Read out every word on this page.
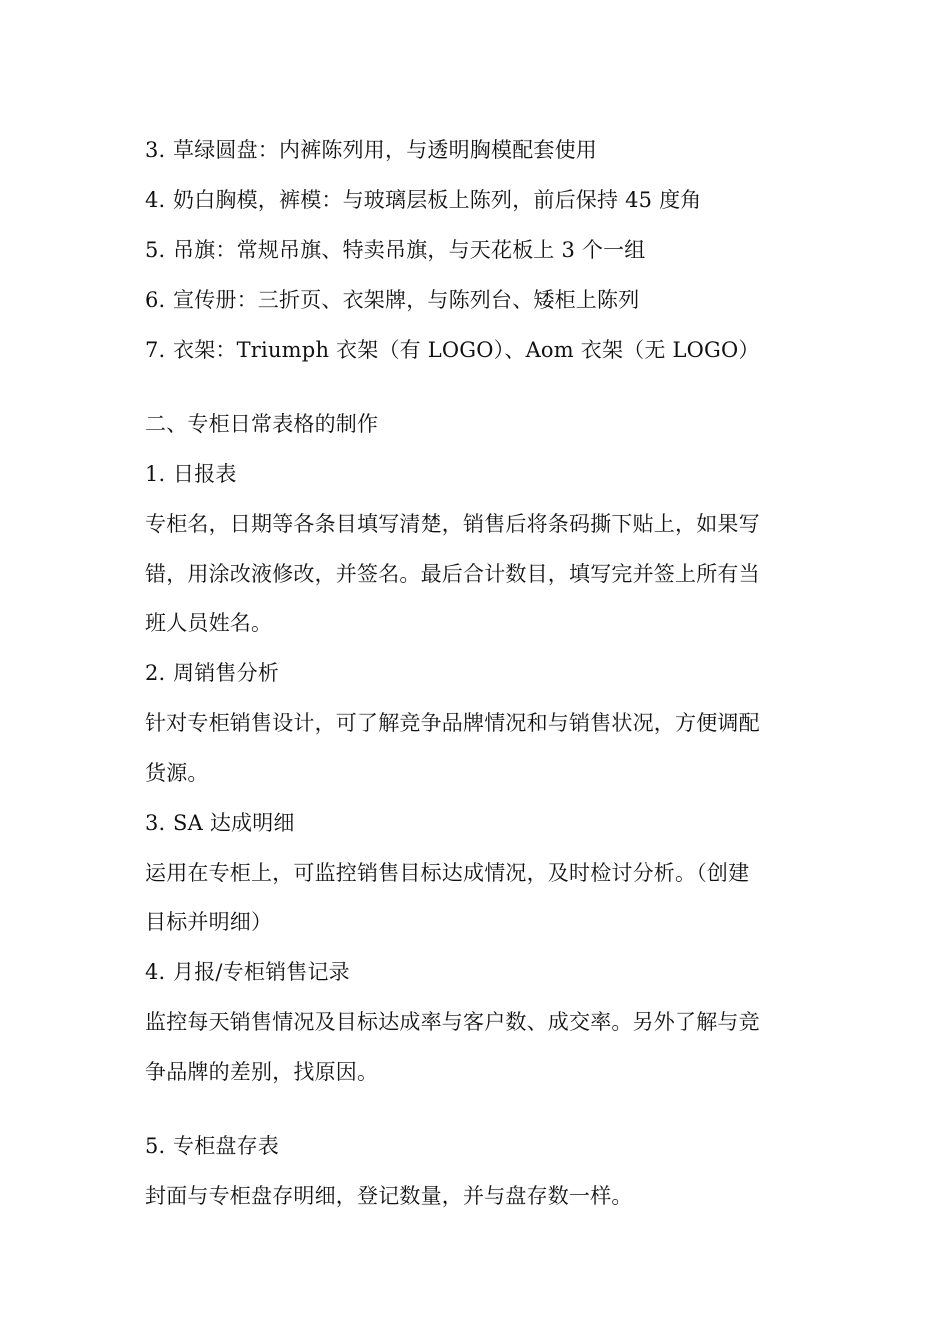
3. 草绿圆盘：内裤陈列用，与透明胸模配套使用
4. 奶白胸模，裤模：与玻璃层板上陈列，前后保持 45 度角
5. 吊旗：常规吊旗、特卖吊旗，与天花板上 3 个一组
6. 宣传册：三折页、衣架牌，与陈列台、矮柜上陈列
7. 衣架：Triumph 衣架（有 LOGO）、Aom 衣架（无 LOGO）
二、专柜日常表格的制作
1. 日报表
专柜名，日期等各条目填写清楚，销售后将条码撕下贴上，如果写
错，用涂改液修改，并签名。最后合计数目，填写完并签上所有当
班人员姓名。
2. 周销售分析
针对专柜销售设计，可了解竞争品牌情况和与销售状况，方便调配
货源。
3. SA 达成明细
运用在专柜上，可监控销售目标达成情况，及时检讨分析。（创建
目标并明细）
4. 月报/专柜销售记录
监控每天销售情况及目标达成率与客户数、成交率。另外了解与竞
争品牌的差别，找原因。
5. 专柜盘存表
封面与专柜盘存明细，登记数量，并与盘存数一样。
